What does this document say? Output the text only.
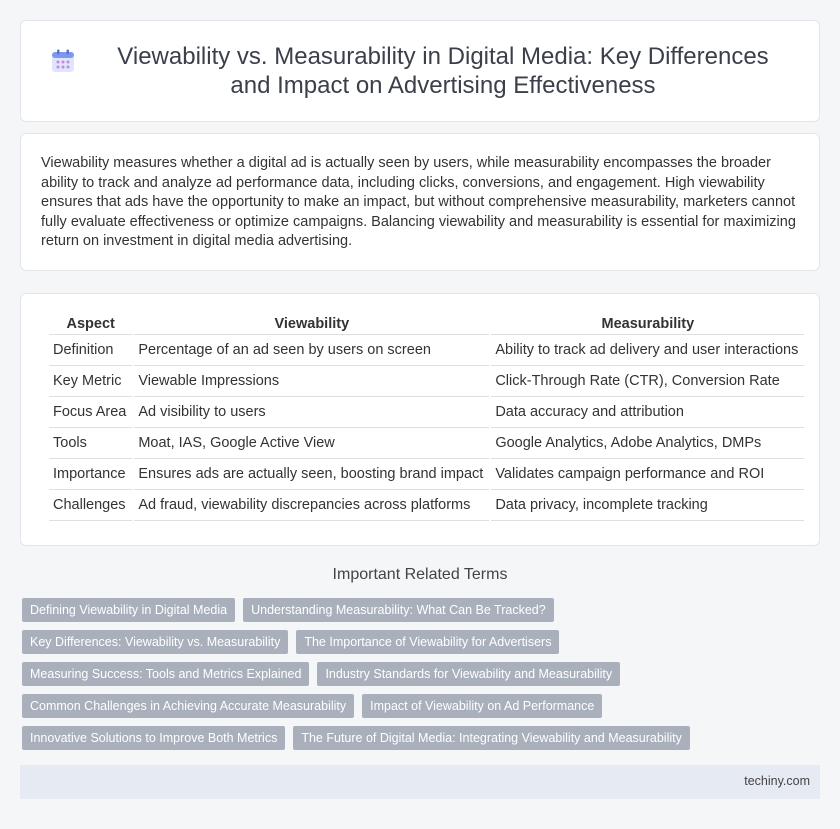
Viewability vs. Measurability in Digital Media: Key Differences and Impact on Advertising Effectiveness

Viewability measures whether a digital ad is actually seen by users, while measurability encompasses the broader ability to track and analyze ad performance data, including clicks, conversions, and engagement. High viewability ensures that ads have the opportunity to make an impact, but without comprehensive measurability, marketers cannot fully evaluate effectiveness or optimize campaigns. Balancing viewability and measurability is essential for maximizing return on investment in digital media advertising.

Aspect	Viewability	Measurability
Definition	Percentage of an ad seen by users on screen	Ability to track ad delivery and user interactions
Key Metric	Viewable Impressions	Click-Through Rate (CTR), Conversion Rate
Focus Area	Ad visibility to users	Data accuracy and attribution
Tools	Moat, IAS, Google Active View	Google Analytics, Adobe Analytics, DMPs
Importance	Ensures ads are actually seen, boosting brand impact	Validates campaign performance and ROI
Challenges	Ad fraud, viewability discrepancies across platforms	Data privacy, incomplete tracking
Important Related Terms
Defining Viewability in Digital Media	Understanding Measurability: What Can Be Tracked?
Key Differences: Viewability vs. Measurability	The Importance of Viewability for Advertisers
Measuring Success: Tools and Metrics Explained	Industry Standards for Viewability and Measurability
Common Challenges in Achieving Accurate Measurability	Impact of Viewability on Ad Performance
Innovative Solutions to Improve Both Metrics	The Future of Digital Media: Integrating Viewability and Measurability
techiny.com
